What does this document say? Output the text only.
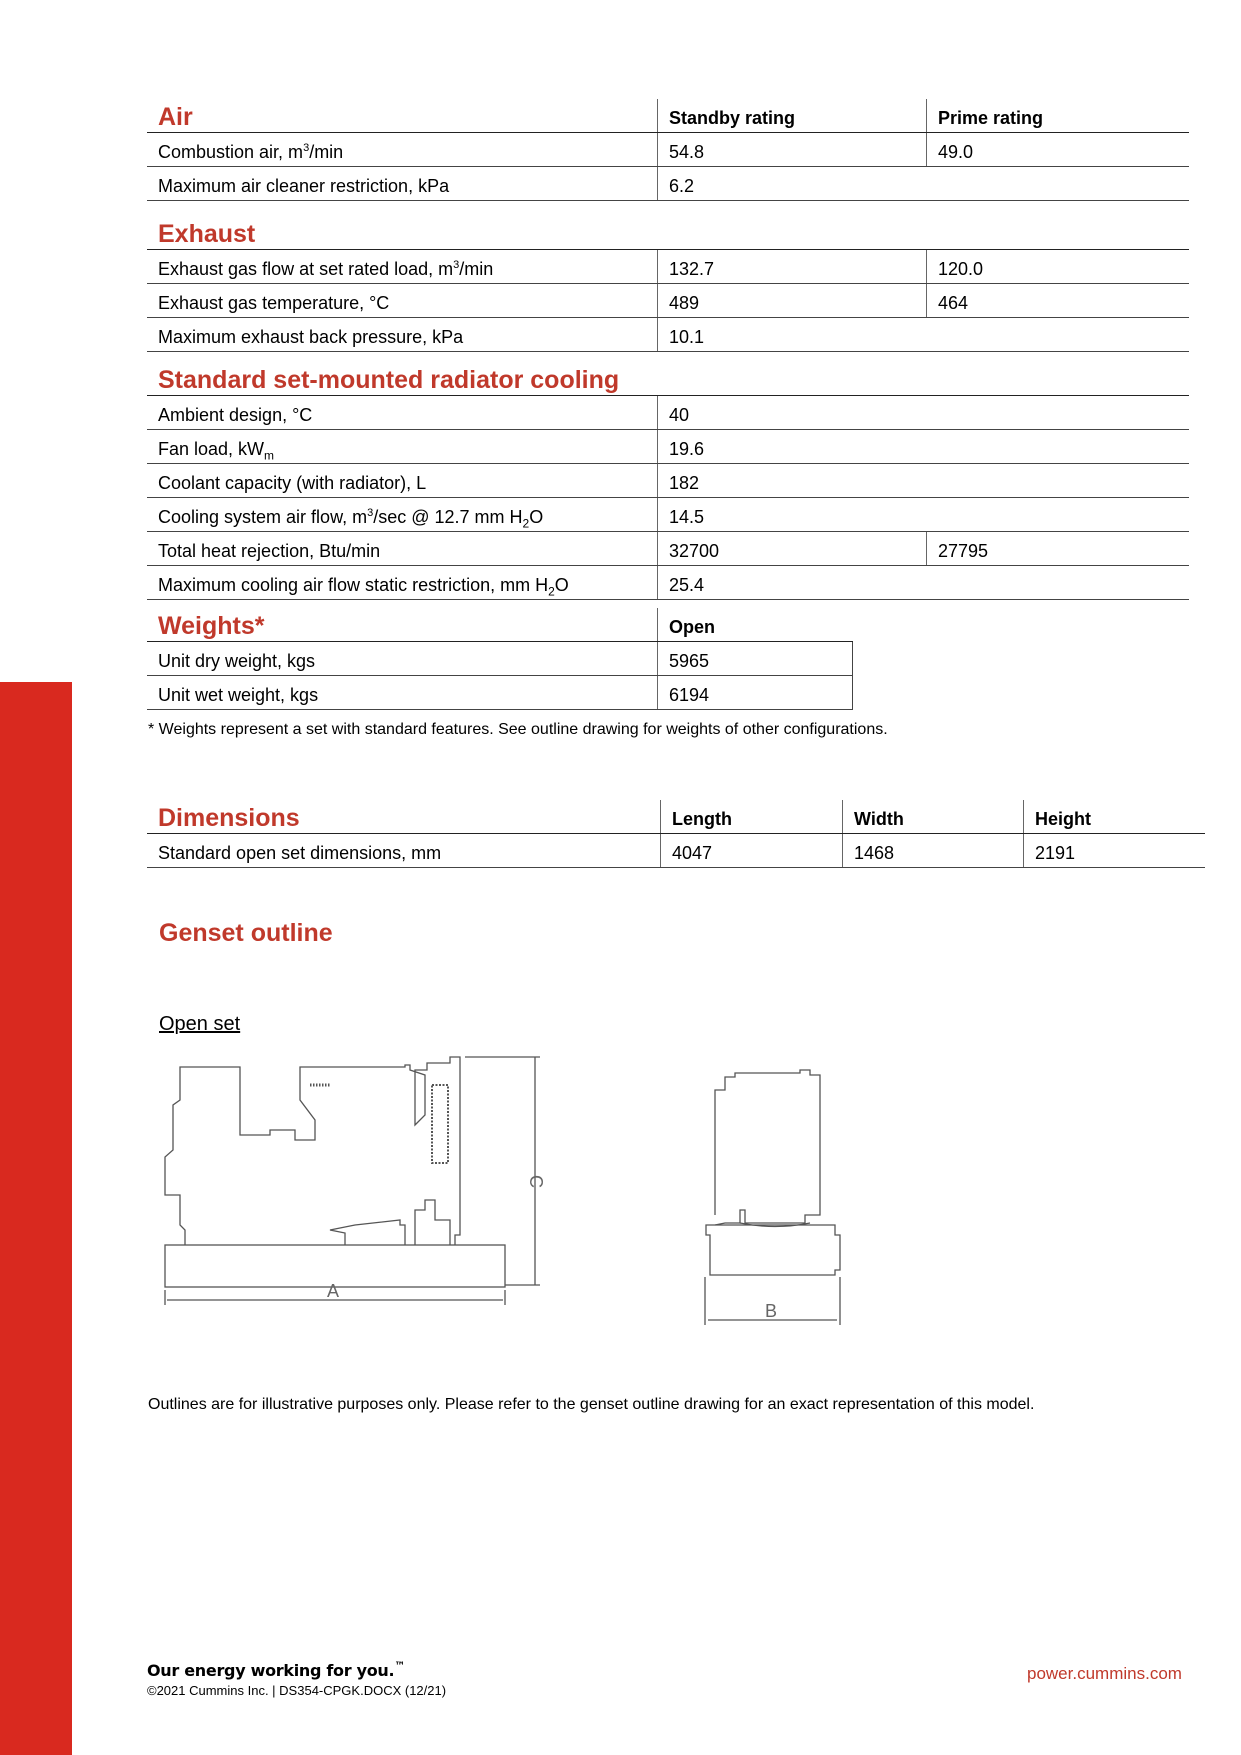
Air	Standby rating	Prime rating
Combustion air, $m^3/\min$	54.8	49.0
Maximum air cleaner restriction, kPa	6.2	
Exhaust		
Exhaust gas flow at set rated load, $m^3/\min$	132.7	120.0
Exhaust gas temperature, °C	489	464
Maximum exhaust back pressure, kPa	10.1	
Standard set-mounted radiator cooling		
Ambient design, °C	40	
Fan load, $kW_m$	19.6	
Coolant capacity (with radiator), L	182	
Cooling system air flow, $m^3/\sec$ @ 12.7 mm $H_2O$	14.5	
Total heat rejection, Btu/min	32700	27795
Maximum cooling air flow static restriction, mm $H_2O$	25.4	
Weights*	Open
Unit dry weight, kgs	5965
Unit wet weight, kgs	6194
* Weights represent a set with standard features. See outline drawing for weights of other configurations.
Dimensions	Length	Width	Height
Standard open set dimensions, mm	4047	1468	2191
Genset outline
Open set
C
A
B
Outlines are for illustrative purposes only. Please refer to the genset outline drawing for an exact representation of this model.
Our energy working for you.™
©2021 Cummins Inc. | DS354-CPGK.DOCX (12/21)
power.cummins.com
